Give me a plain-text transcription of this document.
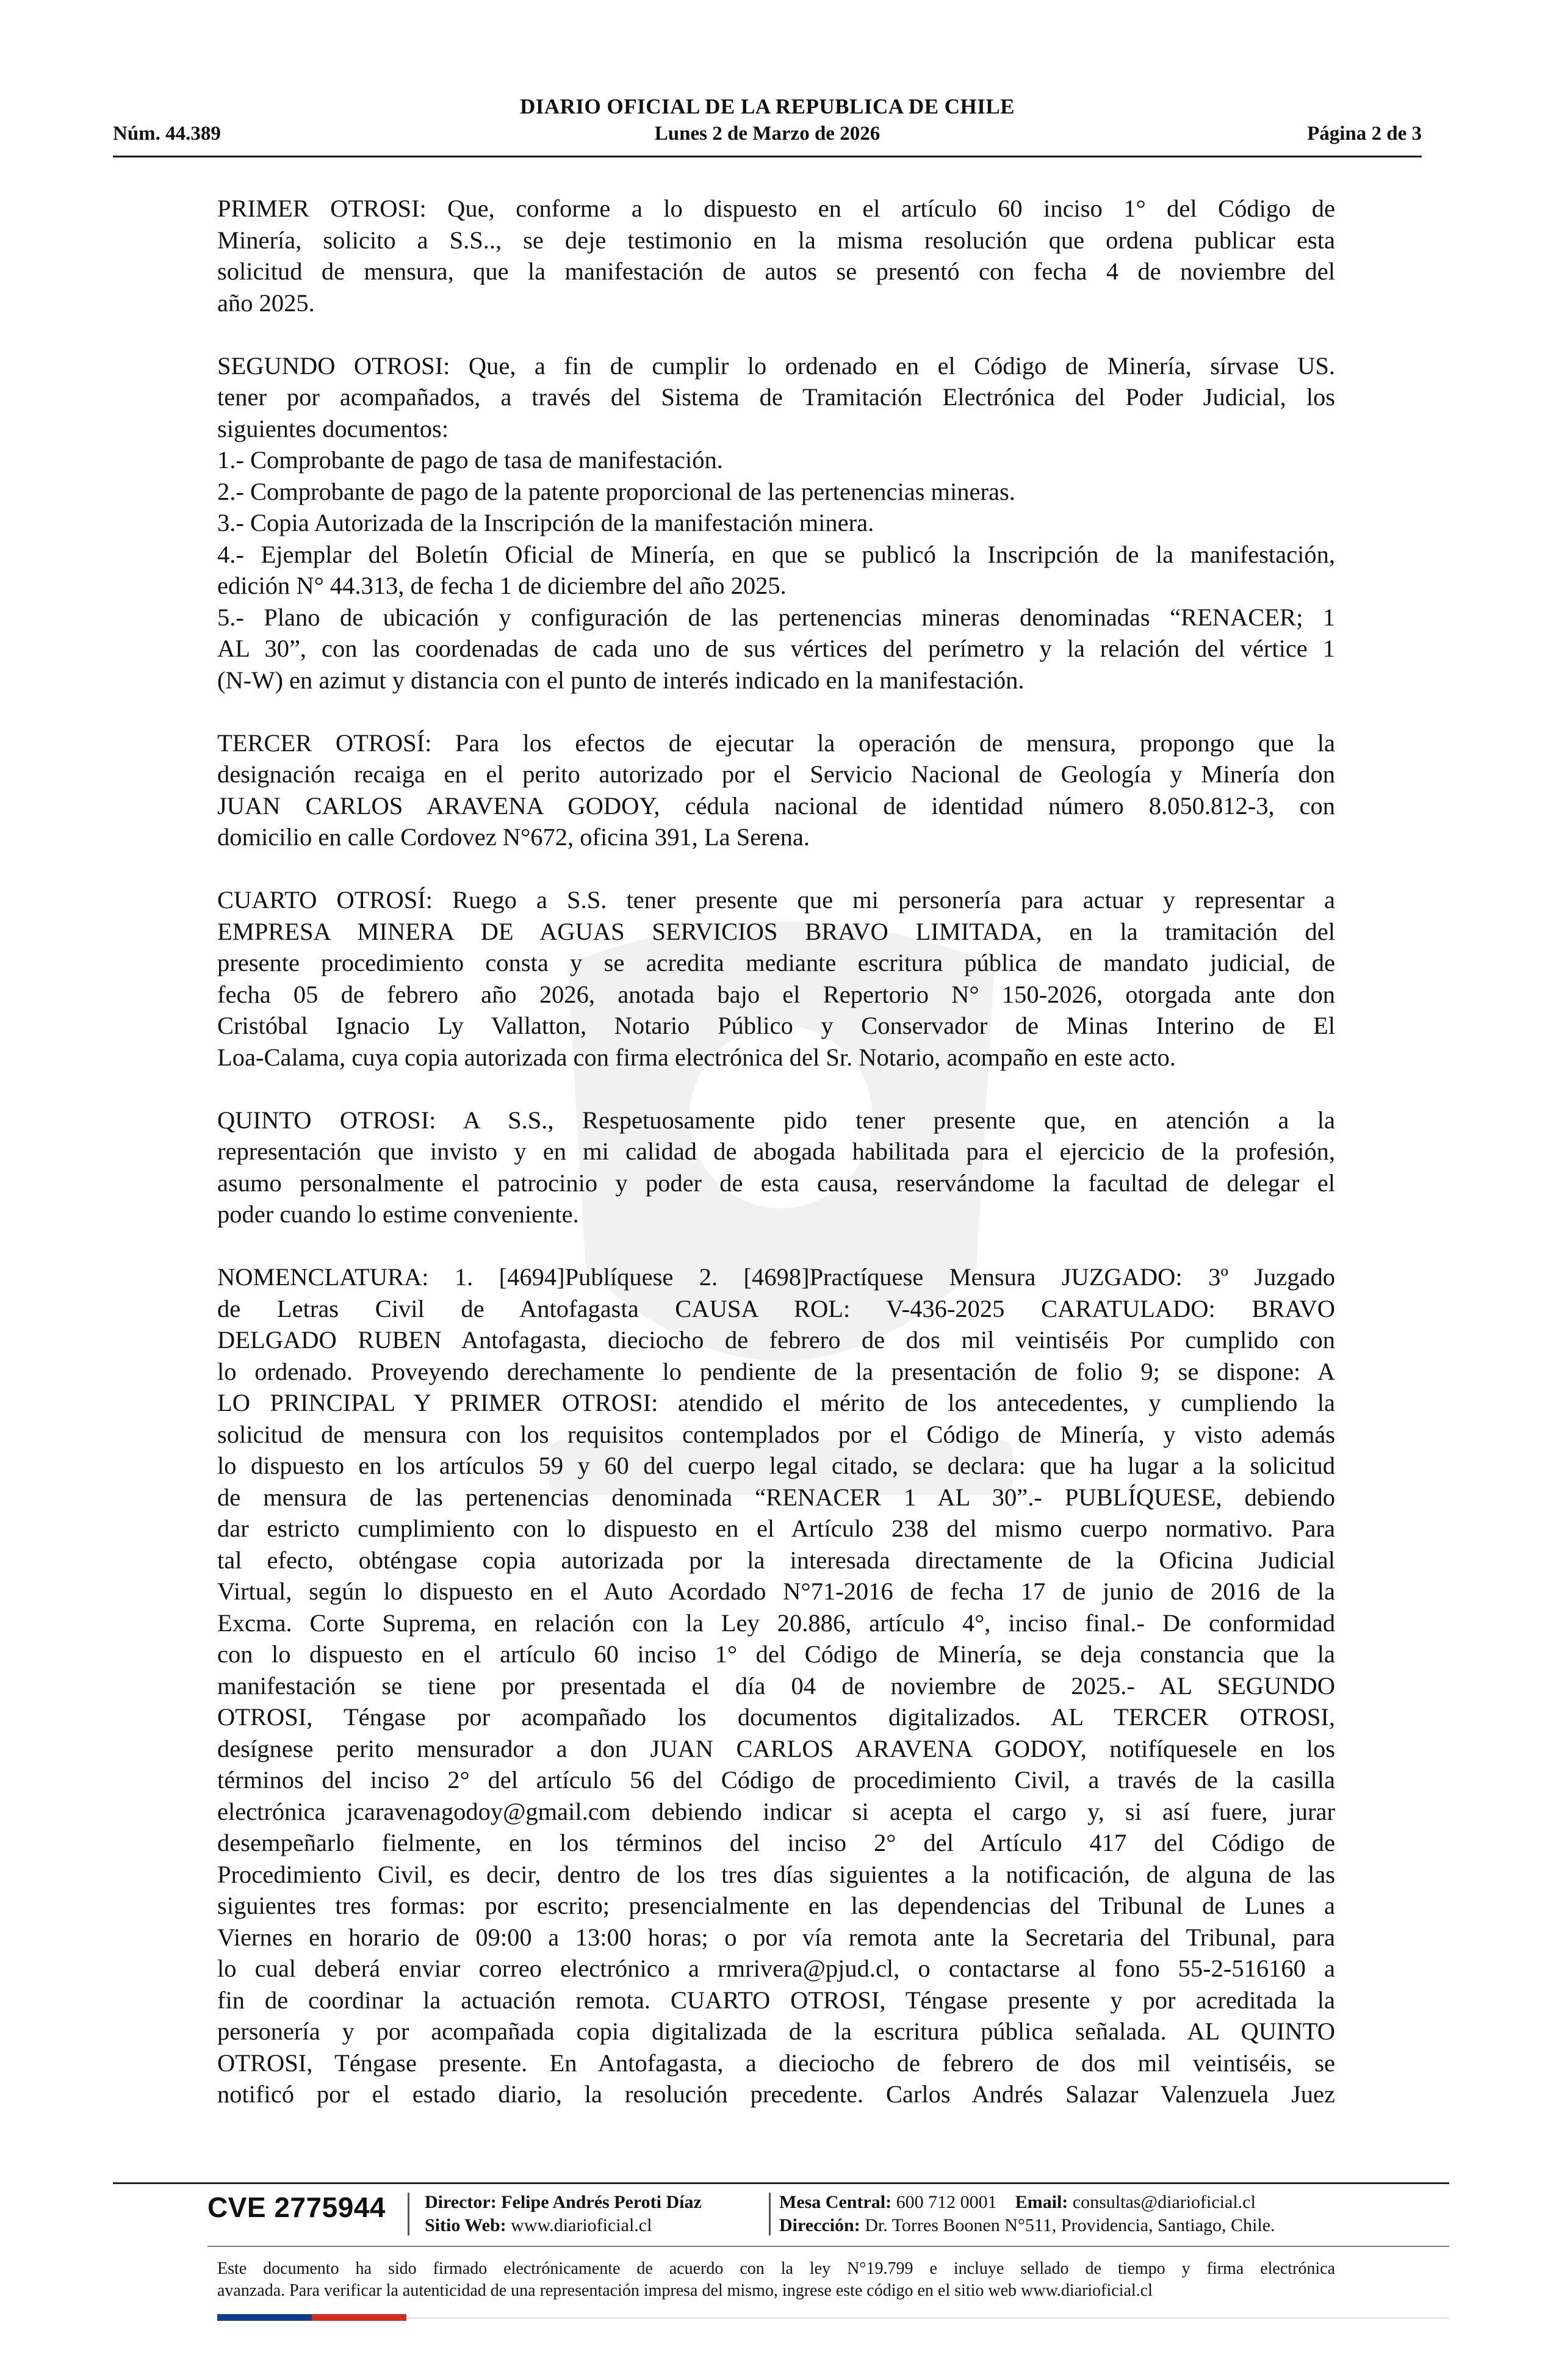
DIARIO OFICIAL DE LA REPUBLICA DE CHILE
Núm. 44.389	Lunes 2 de Marzo de 2026	Página 2 de 3
PRIMER OTROSI: Que, conforme a lo dispuesto en el artículo 60 inciso 1° del Código de
Minería, solicito a S.S.., se deje testimonio en la misma resolución que ordena publicar esta
solicitud de mensura, que la manifestación de autos se presentó con fecha 4 de noviembre del
año 2025.
SEGUNDO OTROSI: Que, a fin de cumplir lo ordenado en el Código de Minería, sírvase US.
tener por acompañados, a través del Sistema de Tramitación Electrónica del Poder Judicial, los
siguientes documentos:
1.- Comprobante de pago de tasa de manifestación.
2.- Comprobante de pago de la patente proporcional de las pertenencias mineras.
3.- Copia Autorizada de la Inscripción de la manifestación minera.
4.- Ejemplar del Boletín Oficial de Minería, en que se publicó la Inscripción de la manifestación,
edición N° 44.313, de fecha 1 de diciembre del año 2025.
5.- Plano de ubicación y configuración de las pertenencias mineras denominadas “RENACER; 1
AL 30”, con las coordenadas de cada uno de sus vértices del perímetro y la relación del vértice 1
(N-W) en azimut y distancia con el punto de interés indicado en la manifestación.
TERCER OTROSÍ: Para los efectos de ejecutar la operación de mensura, propongo que la
designación recaiga en el perito autorizado por el Servicio Nacional de Geología y Minería don
JUAN CARLOS ARAVENA GODOY, cédula nacional de identidad número 8.050.812-3, con
domicilio en calle Cordovez N°672, oficina 391, La Serena.
CUARTO OTROSÍ: Ruego a S.S. tener presente que mi personería para actuar y representar a
EMPRESA MINERA DE AGUAS SERVICIOS BRAVO LIMITADA, en la tramitación del
presente procedimiento consta y se acredita mediante escritura pública de mandato judicial, de
fecha 05 de febrero año 2026, anotada bajo el Repertorio N° 150-2026, otorgada ante don
Cristóbal Ignacio Ly Vallatton, Notario Público y Conservador de Minas Interino de El
Loa-Calama, cuya copia autorizada con firma electrónica del Sr. Notario, acompaño en este acto.
QUINTO OTROSI: A S.S., Respetuosamente pido tener presente que, en atención a la
representación que invisto y en mi calidad de abogada habilitada para el ejercicio de la profesión,
asumo personalmente el patrocinio y poder de esta causa, reservándome la facultad de delegar el
poder cuando lo estime conveniente.
NOMENCLATURA: 1. [4694]Publíquese 2. [4698]Practíquese Mensura JUZGADO: 3º Juzgado
de Letras Civil de Antofagasta CAUSA ROL: V-436-2025 CARATULADO: BRAVO
DELGADO RUBEN Antofagasta, dieciocho de febrero de dos mil veintiséis Por cumplido con
lo ordenado. Proveyendo derechamente lo pendiente de la presentación de folio 9; se dispone: A
LO PRINCIPAL Y PRIMER OTROSI: atendido el mérito de los antecedentes, y cumpliendo la
solicitud de mensura con los requisitos contemplados por el Código de Minería, y visto además
lo dispuesto en los artículos 59 y 60 del cuerpo legal citado, se declara: que ha lugar a la solicitud
de mensura de las pertenencias denominada “RENACER 1 AL 30”.- PUBLÍQUESE, debiendo
dar estricto cumplimiento con lo dispuesto en el Artículo 238 del mismo cuerpo normativo. Para
tal efecto, obténgase copia autorizada por la interesada directamente de la Oficina Judicial
Virtual, según lo dispuesto en el Auto Acordado N°71-2016 de fecha 17 de junio de 2016 de la
Excma. Corte Suprema, en relación con la Ley 20.886, artículo 4°, inciso final.- De conformidad
con lo dispuesto en el artículo 60 inciso 1° del Código de Minería, se deja constancia que la
manifestación se tiene por presentada el día 04 de noviembre de 2025.- AL SEGUNDO
OTROSI, Téngase por acompañado los documentos digitalizados. AL TERCER OTROSI,
desígnese perito mensurador a don JUAN CARLOS ARAVENA GODOY, notifíquesele en los
términos del inciso 2° del artículo 56 del Código de procedimiento Civil, a través de la casilla
electrónica jcaravenagodoy@gmail.com debiendo indicar si acepta el cargo y, si así fuere, jurar
desempeñarlo fielmente, en los términos del inciso 2° del Artículo 417 del Código de
Procedimiento Civil, es decir, dentro de los tres días siguientes a la notificación, de alguna de las
siguientes tres formas: por escrito; presencialmente en las dependencias del Tribunal de Lunes a
Viernes en horario de 09:00 a 13:00 horas; o por vía remota ante la Secretaria del Tribunal, para
lo cual deberá enviar correo electrónico a rmrivera@pjud.cl, o contactarse al fono 55-2-516160 a
fin de coordinar la actuación remota. CUARTO OTROSI, Téngase presente y por acreditada la
personería y por acompañada copia digitalizada de la escritura pública señalada. AL QUINTO
OTROSI, Téngase presente. En Antofagasta, a dieciocho de febrero de dos mil veintiséis, se
notificó por el estado diario, la resolución precedente. Carlos Andrés Salazar Valenzuela Juez
CVE 2775944 Director: Felipe Andrés Peroti Díaz
Sitio Web: www.diarioficial.cl
Mesa Central: 600 712 0001 Email: consultas@diarioficial.cl
Dirección: Dr. Torres Boonen N°511, Providencia, Santiago, Chile.
Este documento ha sido firmado electrónicamente de acuerdo con la ley N°19.799 e incluye sellado de tiempo y firma electrónica
avanzada. Para verificar la autenticidad de una representación impresa del mismo, ingrese este código en el sitio web www.diarioficial.cl
